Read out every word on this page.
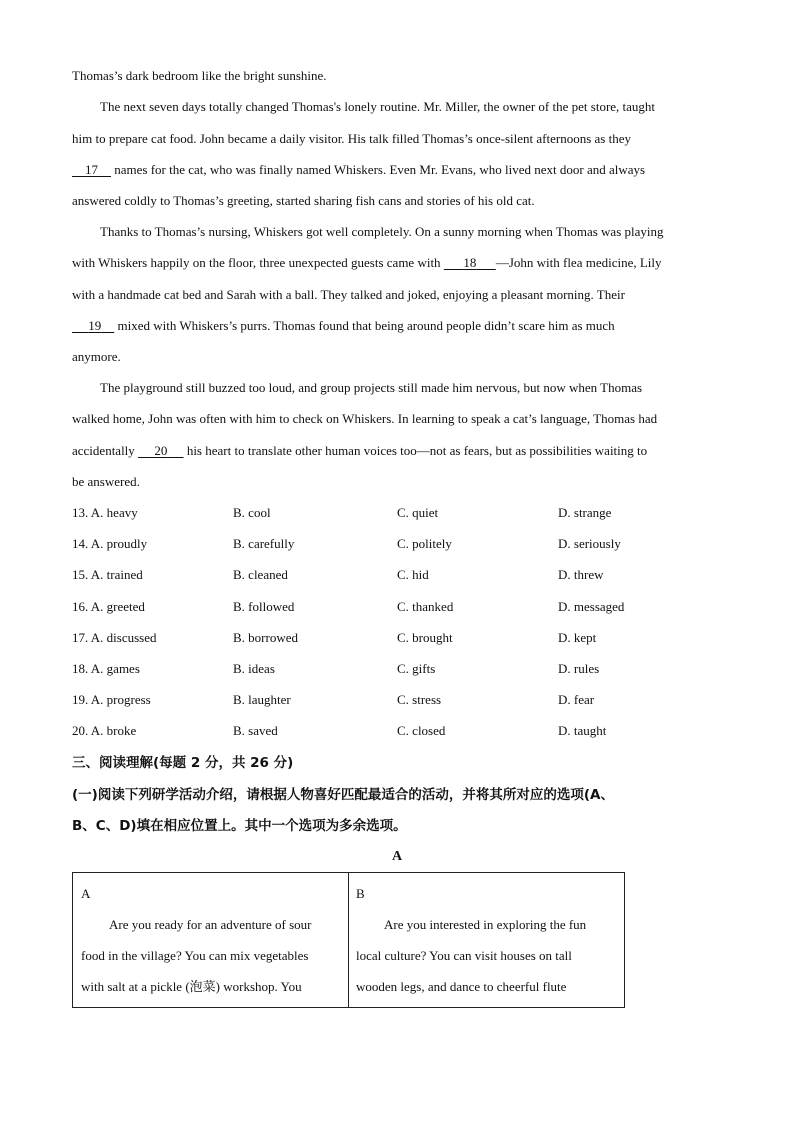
Thomas’s dark bedroom like the bright sunshine.
The next seven days totally changed Thomas's lonely routine. Mr. Miller, the owner of the pet store, taught
him to prepare cat food. John became a daily visitor. His talk filled Thomas’s once-silent afternoons as they
17     names for the cat, who was finally named Whiskers. Even Mr. Evans, who lived next door and always
answered coldly to Thomas’s greeting, started sharing fish cans and stories of his old cat.
Thanks to Thomas’s nursing, Whiskers got well completely. On a sunny morning when Thomas was playing
with Whiskers happily on the floor, three unexpected guests came with       18 —John with flea medicine, Lily
with a handmade cat bed and Sarah with a ball. They talked and joked, enjoying a pleasant morning. Their
19     mixed with Whiskers’s purrs. Thomas found that being around people didn’t scare him as much
anymore.
The playground still buzzed too loud, and group projects still made him nervous, but now when Thomas
walked home, John was often with him to check on Whiskers. In learning to speak a cat’s language, Thomas had
accidentally      20      his heart to translate other human voices too—not as fears, but as possibilities waiting to
be answered.
13. A. heavy	B. cool	C. quiet	D. strange
14. A. proudly	B. carefully	C. politely	D. seriously
15. A. trained	B. cleaned	C. hid	D. threw
16. A. greeted	B. followed	C. thanked	D. messaged
17. A. discussed	B. borrowed	C. brought	D. kept
18. A. games	B. ideas	C. gifts	D. rules
19. A. progress	B. laughter	C. stress	D. fear
20. A. broke	B. saved	C. closed	D. taught
三、阅读理解(每题 2 分，共 26 分)
(一)阅读下列研学活动介绍，请根据人物喜好匹配最适合的活动，并将其所对应的选项(A、
B、C、D)填在相应位置上。其中一个选项为多余选项。
A
A
Are you ready for an adventure of sour
food in the village? You can mix vegetables
with salt at a pickle (泡菜) workshop. You
B
Are you interested in exploring the fun
local culture? You can visit houses on tall
wooden legs, and dance to cheerful flute
